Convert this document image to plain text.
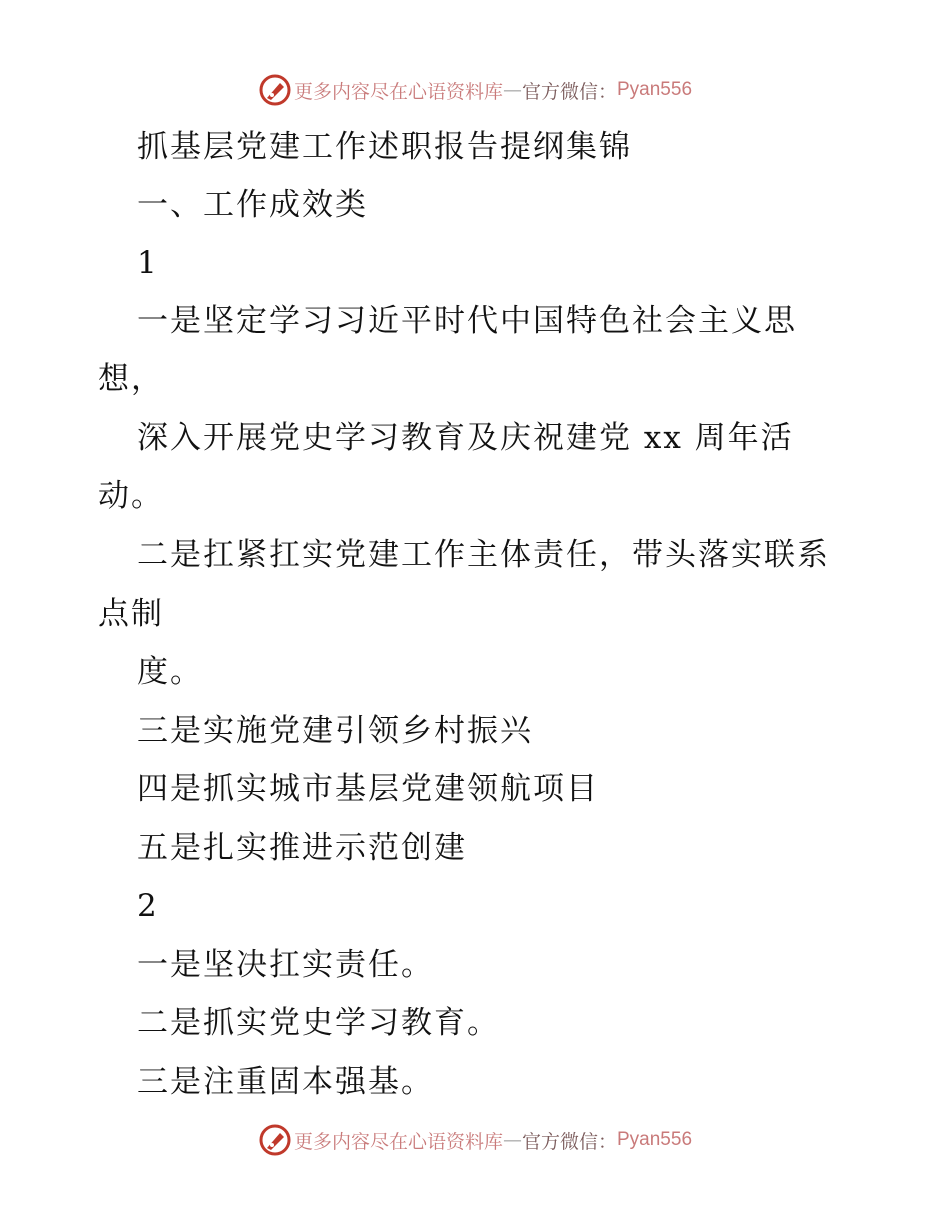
更多内容尽在心语资料库 — 官方微信： Pyan556
抓基层党建工作述职报告提纲集锦
一、工作成效类
1
一是坚定学习习近平时代中国特色社会主义思
想，
深入开展党史学习教育及庆祝建党 xx 周年活
动。
二是扛紧扛实党建工作主体责任，带头落实联系
点制
度。
三是实施党建引领乡村振兴
四是抓实城市基层党建领航项目
五是扎实推进示范创建
2
一是坚决扛实责任。
二是抓实党史学习教育。
三是注重固本强基。
更多内容尽在心语资料库 — 官方微信： Pyan556
